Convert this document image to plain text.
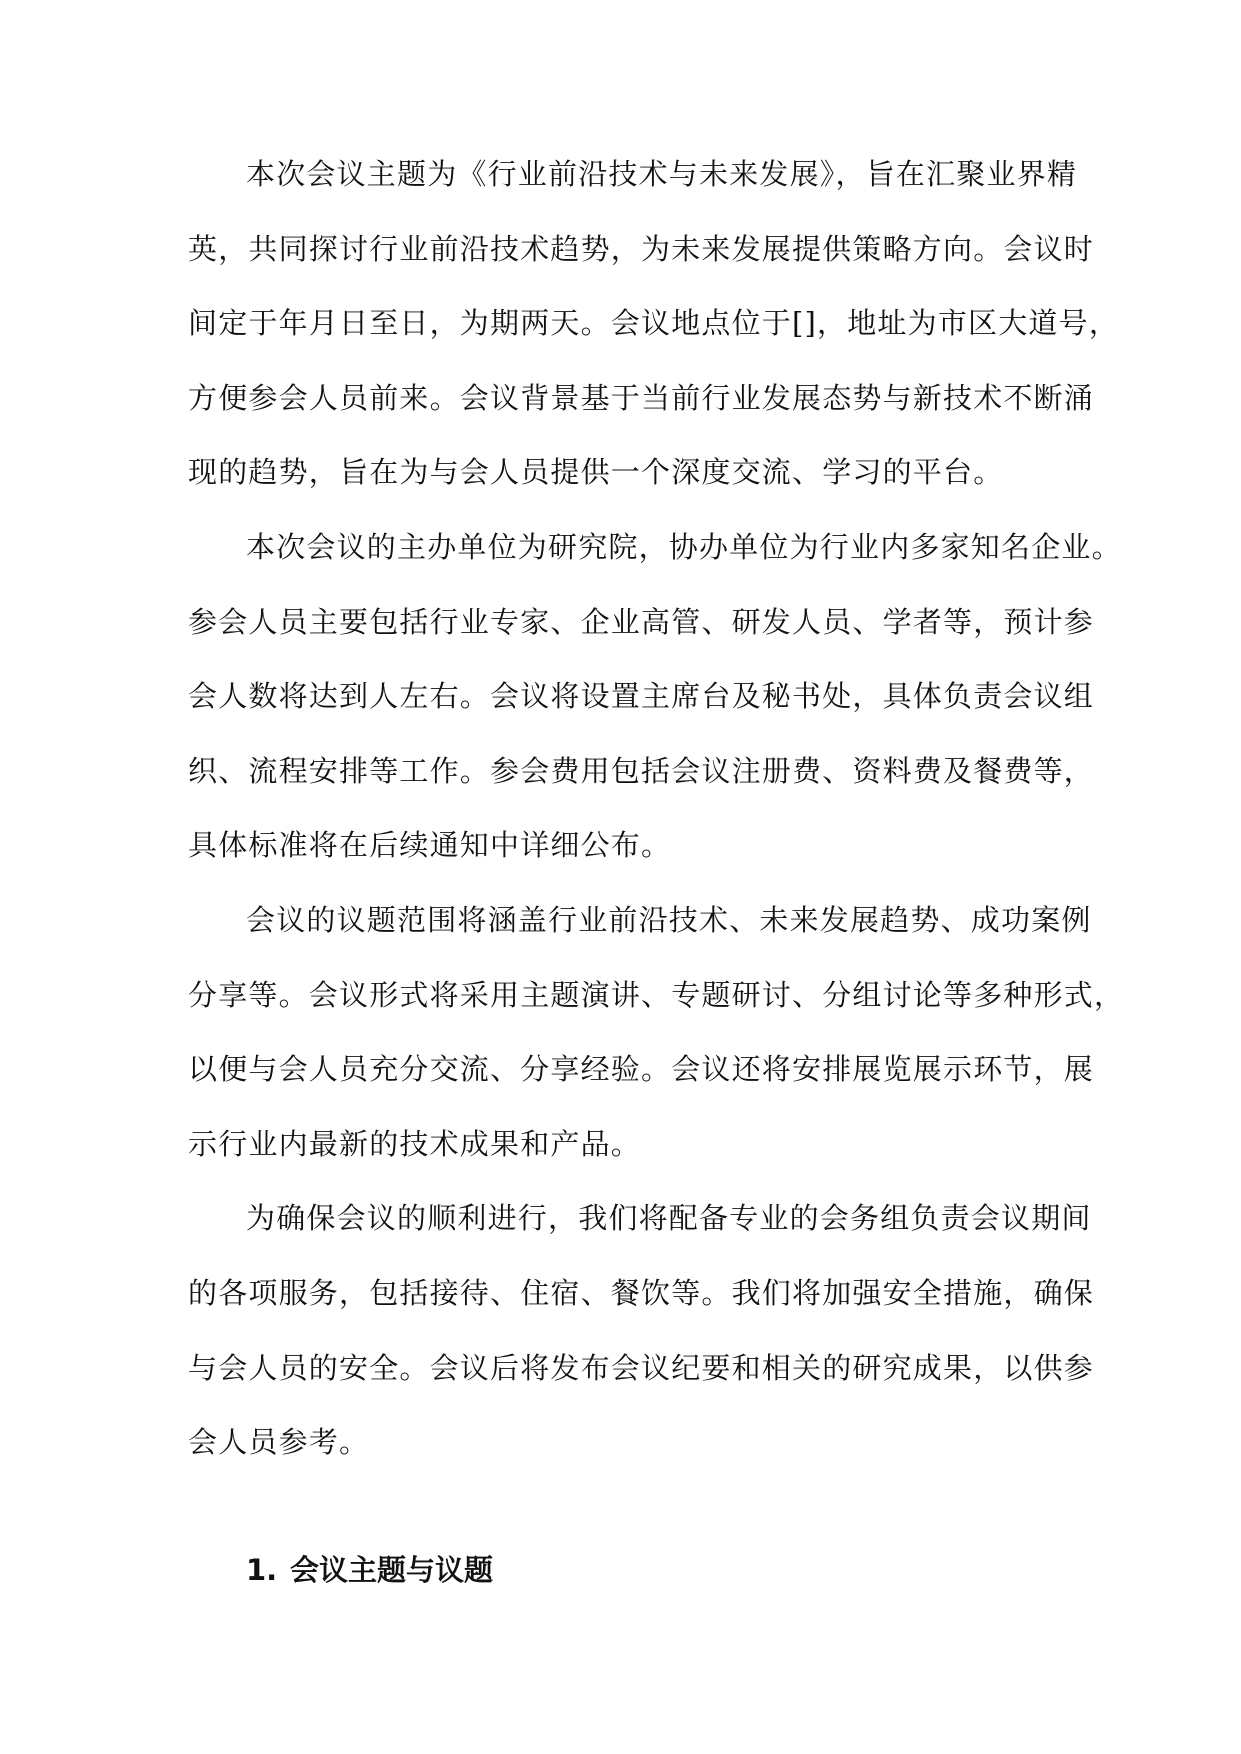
本次会议主题为《行业前沿技术与未来发展》，旨在汇聚业界精
英，共同探讨行业前沿技术趋势，为未来发展提供策略方向。会议时
间定于年月日至日，为期两天。会议地点位于[]，地址为市区大道号，
方便参会人员前来。会议背景基于当前行业发展态势与新技术不断涌
现的趋势，旨在为与会人员提供一个深度交流、学习的平台。
本次会议的主办单位为研究院，协办单位为行业内多家知名企业。
参会人员主要包括行业专家、企业高管、研发人员、学者等，预计参
会人数将达到人左右。会议将设置主席台及秘书处，具体负责会议组
织、流程安排等工作。参会费用包括会议注册费、资料费及餐费等，
具体标准将在后续通知中详细公布。
会议的议题范围将涵盖行业前沿技术、未来发展趋势、成功案例
分享等。会议形式将采用主题演讲、专题研讨、分组讨论等多种形式，
以便与会人员充分交流、分享经验。会议还将安排展览展示环节，展
示行业内最新的技术成果和产品。
为确保会议的顺利进行，我们将配备专业的会务组负责会议期间
的各项服务，包括接待、住宿、餐饮等。我们将加强安全措施，确保
与会人员的安全。会议后将发布会议纪要和相关的研究成果，以供参
会人员参考。
1. 会议主题与议题
